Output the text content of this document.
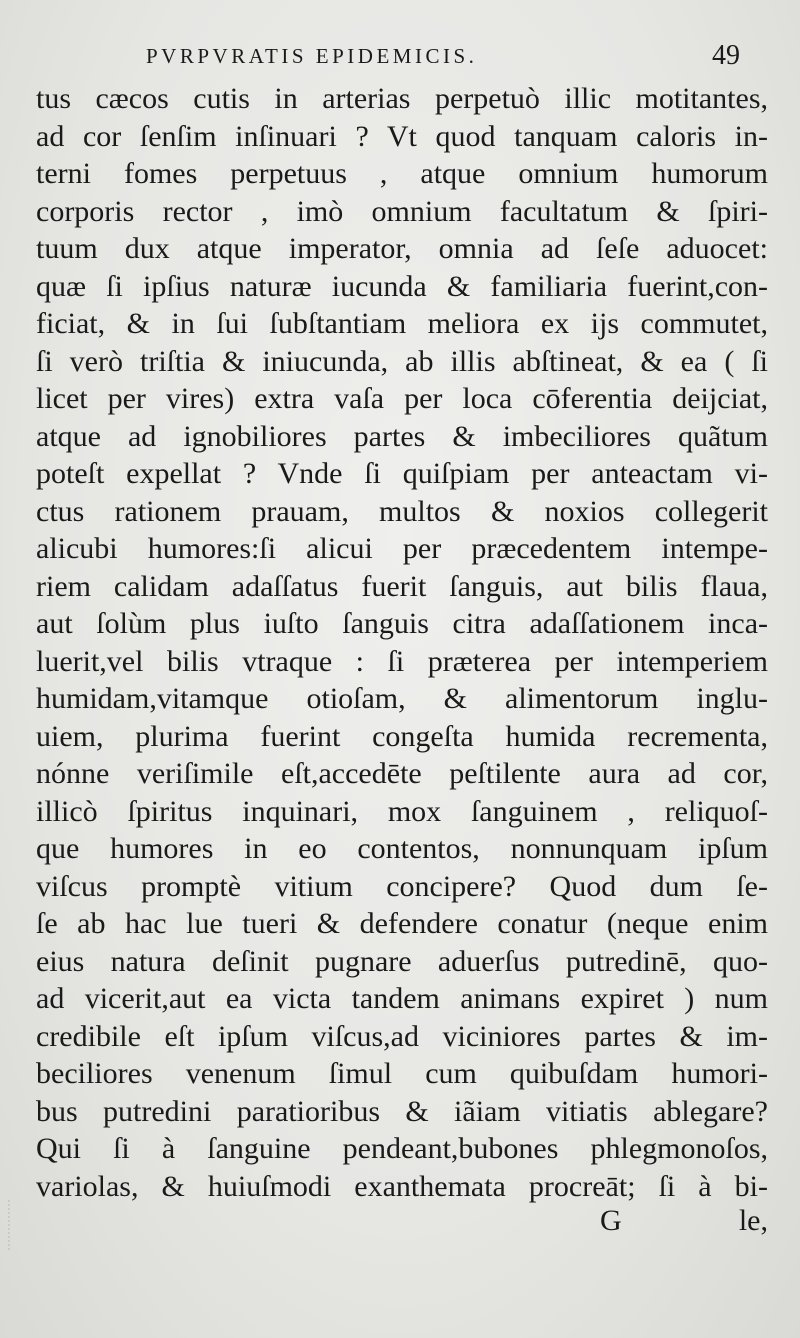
PVRPVRATIS EPIDEMICIS.	49
tus cæcos cutis in arterias perpetuò illic motitantes,
ad cor ſenſim inſinuari ? Vt quod tanquam caloris in-
terni fomes perpetuus , atque omnium humorum
corporis rector , imò omnium facultatum & ſpiri-
tuum dux atque imperator, omnia ad ſeſe aduocet:
quæ ſi ipſius naturæ iucunda & familiaria fuerint,con-
ficiat, & in ſui ſubſtantiam meliora ex ijs commutet,
ſi verò triſtia & iniucunda, ab illis abſtineat, & ea ( ſi
licet per vires) extra vaſa per loca cōferentia deijciat,
atque ad ignobiliores partes & imbeciliores quãtum
poteſt expellat ? Vnde ſi quiſpiam per anteactam vi-
ctus rationem prauam, multos & noxios collegerit
alicubi humores:ſi alicui per præcedentem intempe-
riem calidam adaſſatus fuerit ſanguis, aut bilis flaua,
aut ſolùm plus iuſto ſanguis citra adaſſationem inca-
luerit,vel bilis vtraque : ſi præterea per intemperiem
humidam,vitamque otioſam, & alimentorum inglu-
uiem, plurima fuerint congeſta humida recrementa,
nónne veriſimile eſt,accedēte peſtilente aura ad cor,
illicò ſpiritus inquinari, mox ſanguinem , reliquoſ-
que humores in eo contentos, nonnunquam ipſum
viſcus promptè vitium concipere? Quod dum ſe-
ſe ab hac lue tueri & defendere conatur (neque enim
eius natura deſinit pugnare aduerſus putredinē, quo-
ad vicerit,aut ea victa tandem animans expiret ) num
credibile eſt ipſum viſcus,ad viciniores partes & im-
beciliores venenum ſimul cum quibuſdam humori-
bus putredini paratioribus & iãiam vitiatis ablegare?
Qui ſi à ſanguine pendeant,bubones phlegmonoſos,
variolas, & huiuſmodi exanthemata procreāt; ſi à bi-
G	le,
